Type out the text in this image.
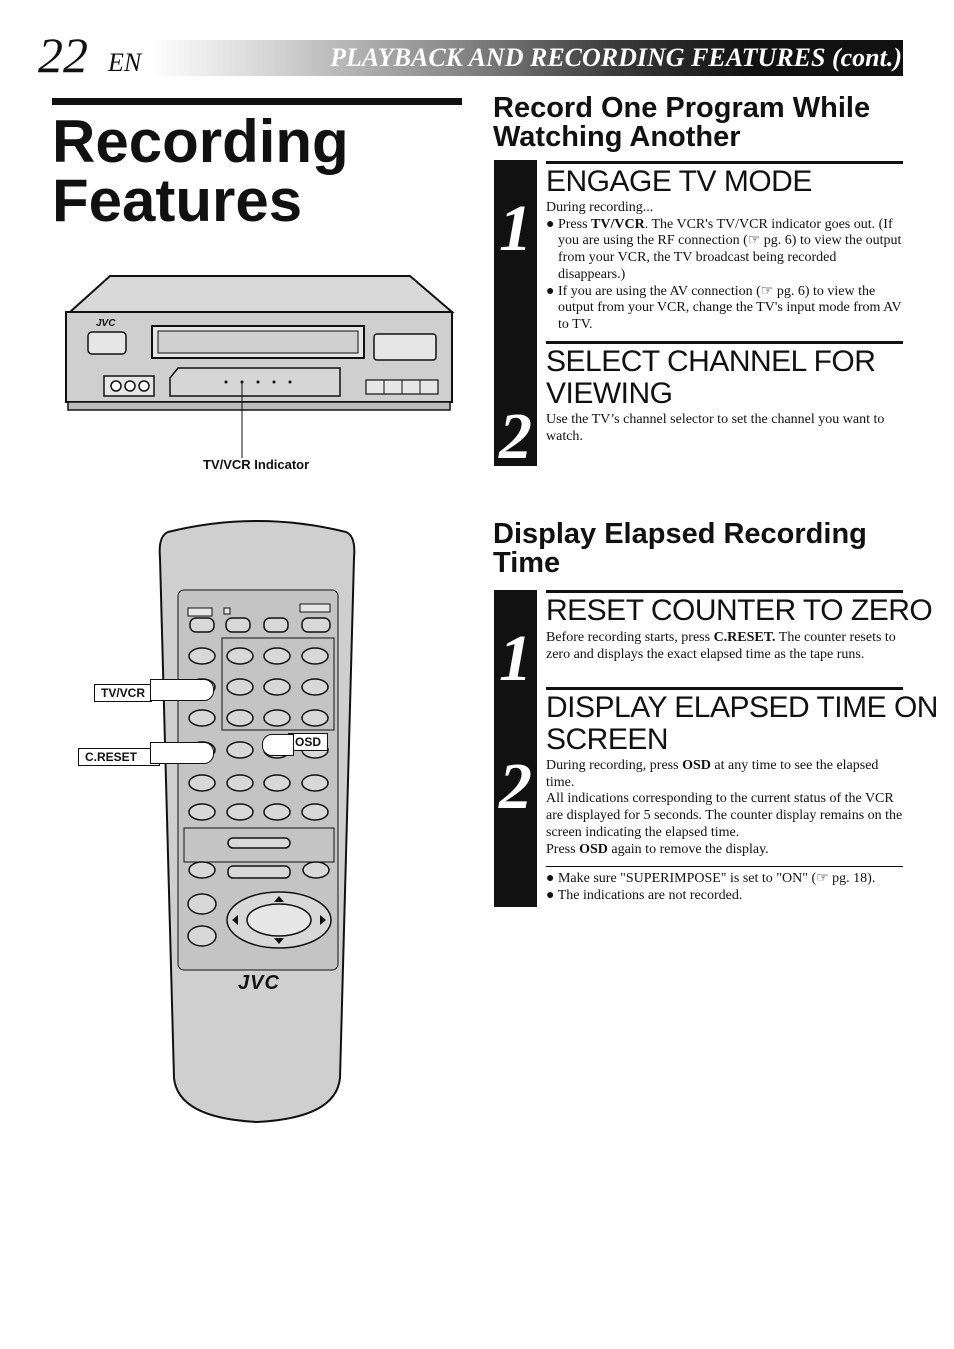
22 EN	PLAYBACK AND RECORDING FEATURES (cont.)
Recording
Features
JVC
TV/VCR Indicator
JVC
TV/VCR
C.RESET
OSD
Record One Program While
Watching Another
1
2
ENGAGE TV MODE
During recording...
● Press TV/VCR. The VCR's TV/VCR indicator goes out. (If you are using the RF connection (☞ pg. 6) to view the output from your VCR, the TV broadcast being recorded disappears.)
● If you are using the AV connection (☞ pg. 6) to view the output from your VCR, change the TV's input mode from AV to TV.
SELECT CHANNEL FOR
VIEWING
Use the TV’s channel selector to set the channel you want to watch.
Display Elapsed Recording
Time
1
2
RESET COUNTER TO ZERO
Before recording starts, press C.RESET. The counter resets to zero and displays the exact elapsed time as the tape runs.
DISPLAY ELAPSED TIME ON
SCREEN
During recording, press OSD at any time to see the elapsed time.
All indications corresponding to the current status of the VCR are displayed for 5 seconds. The counter display remains on the screen indicating the elapsed time.
Press OSD again to remove the display.
● Make sure "SUPERIMPOSE" is set to "ON" (☞ pg. 18).
● The indications are not recorded.
